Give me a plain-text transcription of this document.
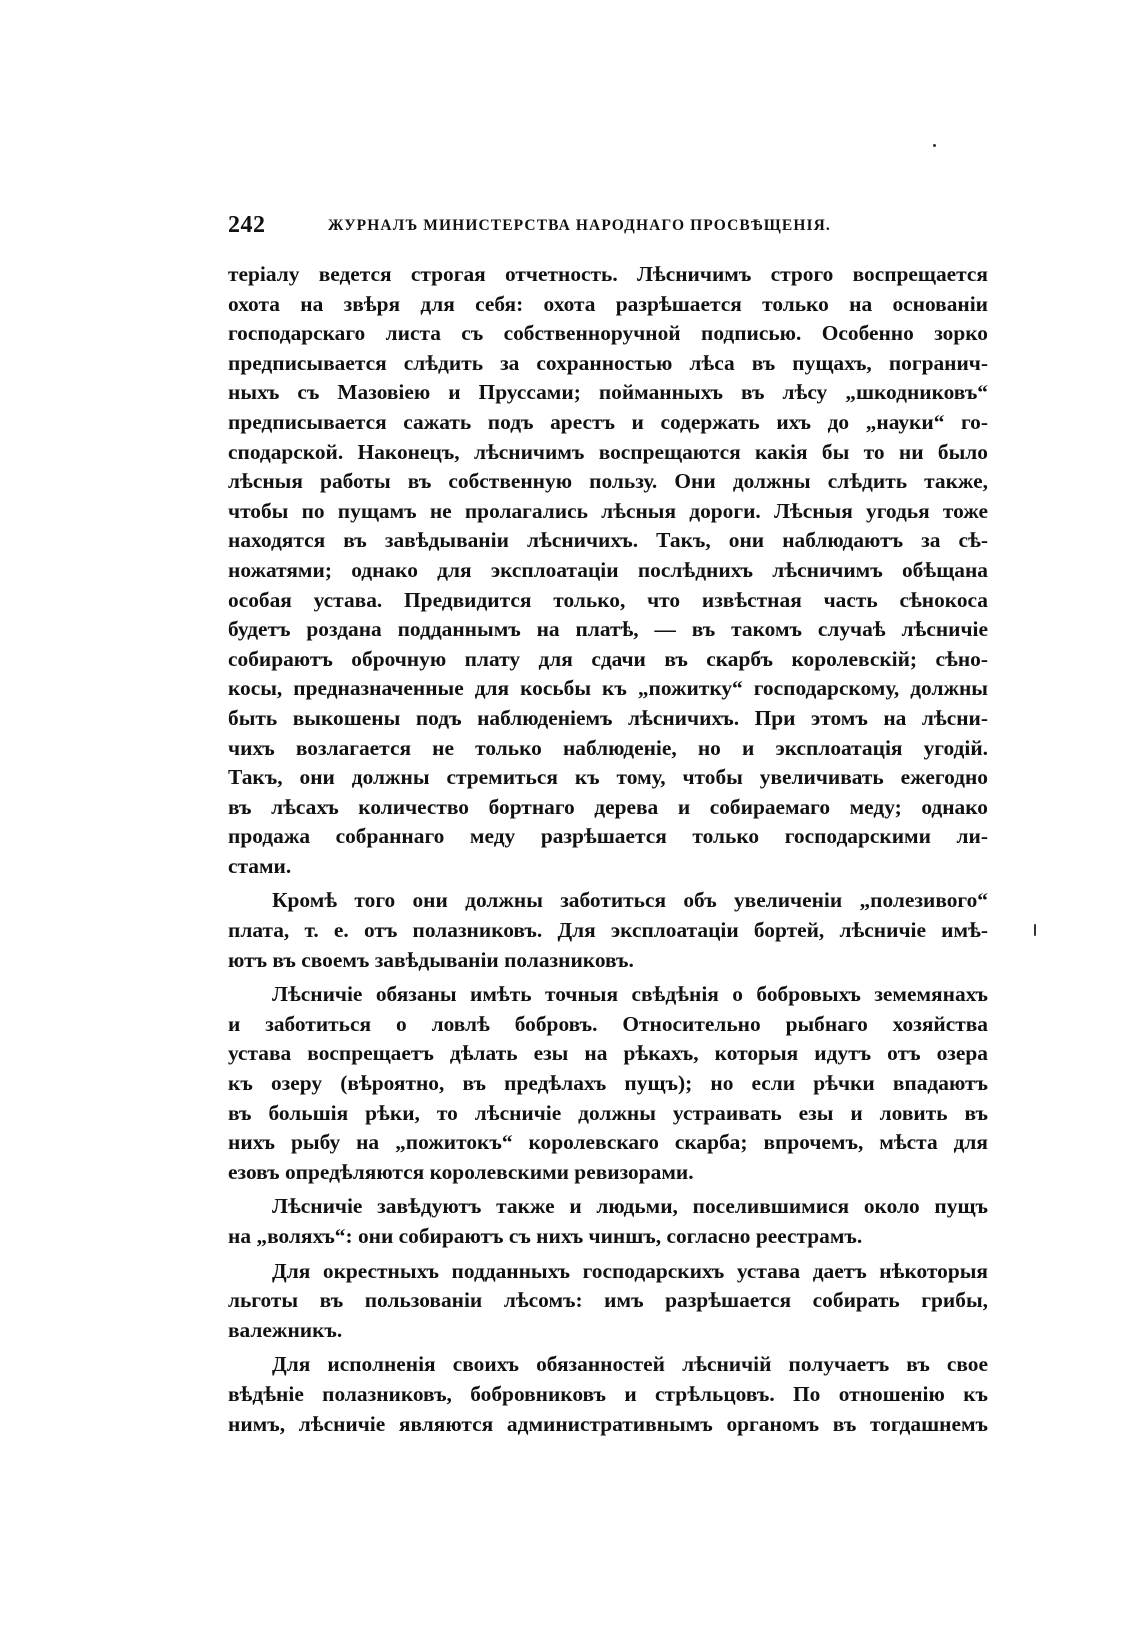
242	ЖУРНАЛЪ МИНИСТЕРСТВА НАРОДНАГО ПРОСВѢЩЕНІЯ.

теріалу ведется строгая отчетность. Лѣсничимъ строго воспрещается
охота на звѣря для себя: охота разрѣшается только на основаніи
господарскаго листа съ собственноручной подписью. Особенно зорко
предписывается слѣдить за сохранностью лѣса въ пущахъ, погранич-
ныхъ съ Мазовіею и Пруссами; пойманныхъ въ лѣсу „шкодниковъ“
предписывается сажать подъ арестъ и содержать ихъ до „науки“ го-
сподарской. Наконецъ, лѣсничимъ воспрещаются какія бы то ни было
лѣсныя работы въ собственную пользу. Они должны слѣдить также,
чтобы по пущамъ не пролагались лѣсныя дороги. Лѣсныя угодья тоже
находятся въ завѣдываніи лѣсничихъ. Такъ, они наблюдаютъ за сѣ-
ножатями; однако для эксплоатаціи послѣднихъ лѣсничимъ обѣщана
особая устава. Предвидится только, что извѣстная часть сѣнокоса
будетъ роздана подданнымъ на платѣ, — въ такомъ случаѣ лѣсничіе
собираютъ оброчную плату для сдачи въ скарбъ королевскій; сѣно-
косы, предназначенные для косьбы къ „пожитку“ господарскому, должны
быть выкошены подъ наблюденіемъ лѣсничихъ. При этомъ на лѣсни-
чихъ возлагается не только наблюденіе, но и эксплоатація угодій.
Такъ, они должны стремиться къ тому, чтобы увеличивать ежегодно
въ лѣсахъ количество бортнаго дерева и собираемаго меду; однако
продажа собраннаго меду разрѣшается только господарскими ли-
стами.

Кромѣ того они должны заботиться объ увеличеніи „полезивого“
плата, т. е. отъ полазниковъ. Для эксплоатаціи бортей, лѣсничіе имѣ-
ютъ въ своемъ завѣдываніи полазниковъ.

Лѣсничіе обязаны имѣть точныя свѣдѣнія о бобровыхъ земемянахъ
и заботиться о ловлѣ бобровъ. Относительно рыбнаго хозяйства
устава воспрещаетъ дѣлать езы на рѣкахъ, которыя идутъ отъ озера
къ озеру (вѣроятно, въ предѣлахъ пущъ); но если рѣчки впадаютъ
въ большія рѣки, то лѣсничіе должны устраивать езы и ловить въ
нихъ рыбу на „пожитокъ“ королевскаго скарба; впрочемъ, мѣста для
езовъ опредѣляются королевскими ревизорами.

Лѣсничіе завѣдуютъ также и людьми, поселившимися около пущъ
на „воляхъ“: они собираютъ съ нихъ чиншъ, согласно реестрамъ.

Для окрестныхъ подданныхъ господарскихъ устава даетъ нѣкоторыя
льготы въ пользованіи лѣсомъ: имъ разрѣшается собирать грибы,
валежникъ.

Для исполненія своихъ обязанностей лѣсничій получаетъ въ свое
вѣдѣніе полазниковъ, бобровниковъ и стрѣльцовъ. По отношенію къ
нимъ, лѣсничіе являются административнымъ органомъ въ тогдашнемъ
